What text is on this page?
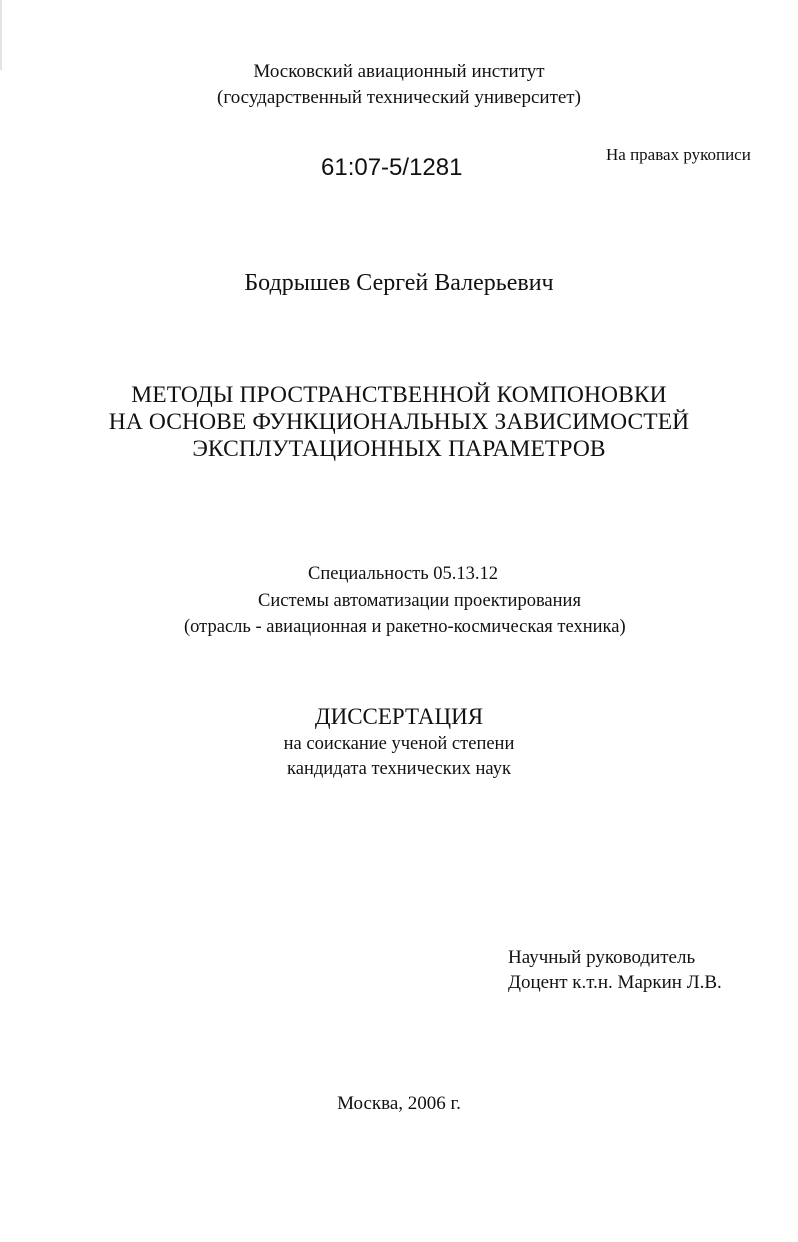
Московский авиационный институт
(государственный технический университет)
61:07-5/1281	На правах рукописи
Бодрышев Сергей Валерьевич
МЕТОДЫ ПРОСТРАНСТВЕННОЙ КОМПОНОВКИ
НА ОСНОВЕ ФУНКЦИОНАЛЬНЫХ ЗАВИСИМОСТЕЙ
ЭКСПЛУТАЦИОННЫХ ПАРАМЕТРОВ
Специальность 05.13.12
Системы автоматизации проектирования
(отрасль - авиационная и ракетно-космическая техника)
ДИССЕРТАЦИЯ
на соискание ученой степени
кандидата технических наук
Научный руководитель
Доцент к.т.н. Маркин Л.В.
Москва, 2006 г.
